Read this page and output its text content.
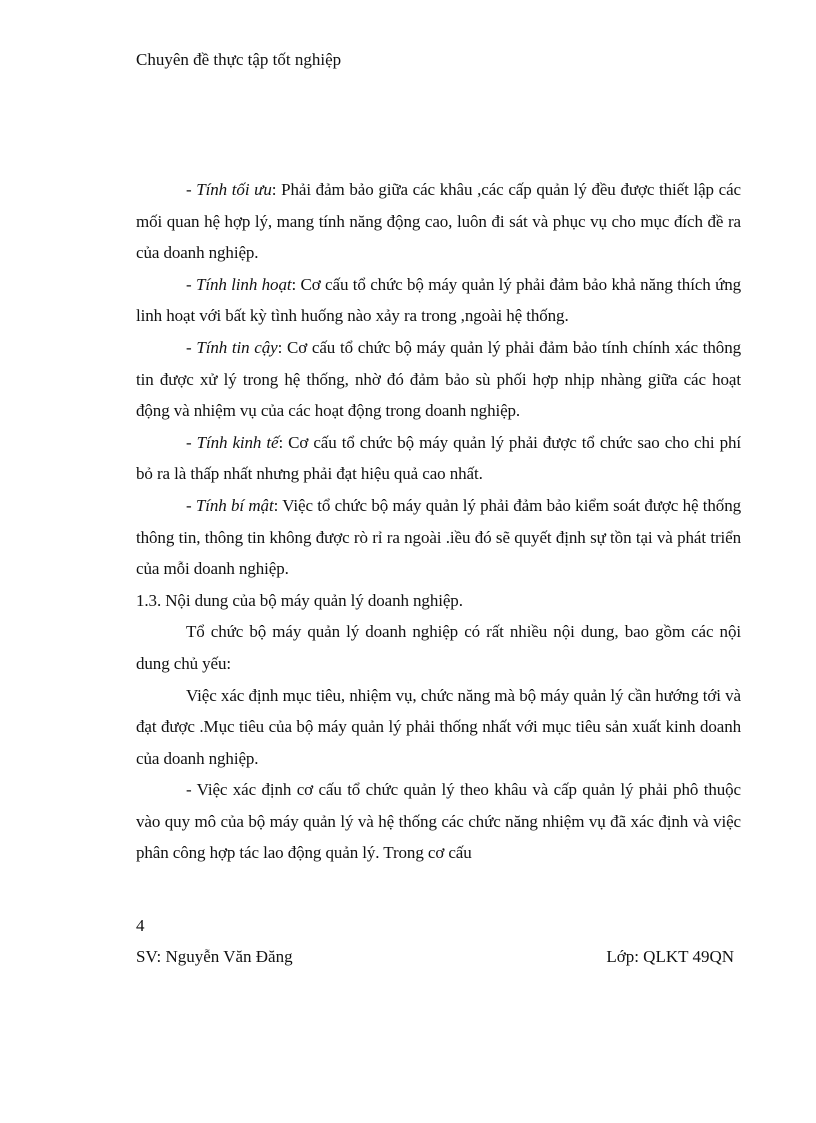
Chuyên đề thực tập tốt nghiệp

- Tính tối ưu: Phải đảm bảo giữa các khâu ,các cấp quản lý đều được thiết lập các mối quan hệ hợp lý, mang tính năng động cao, luôn đi sát và phục vụ cho mục đích đề ra của doanh nghiệp.

- Tính linh hoạt: Cơ cấu tổ chức bộ máy quản lý phải đảm bảo khả năng thích ứng linh hoạt với bất kỳ tình huống nào xảy ra trong ,ngoài hệ thống.

- Tính tin cậy: Cơ cấu tổ chức bộ máy quản lý phải đảm bảo tính chính xác thông tin được xử lý trong hệ thống, nhờ đó đảm bảo sù phối hợp nhịp nhàng giữa các hoạt động và nhiệm vụ của các hoạt động trong doanh nghiệp.

- Tính kinh tế: Cơ cấu tổ chức bộ máy quản lý phải được tổ chức sao cho chi phí bỏ ra là thấp nhất nhưng phải đạt hiệu quả cao nhất.

- Tính bí mật: Việc tổ chức bộ máy quản lý phải đảm bảo kiểm soát được hệ thống thông tin, thông tin không được rò rỉ ra ngoài .iều đó sẽ quyết định sự tồn tại và phát triển của mỗi doanh nghiệp.

1.3. Nội dung của bộ máy quản lý doanh nghiệp.

Tổ chức bộ máy quản lý doanh nghiệp có rất nhiều nội dung, bao gồm các nội dung chủ yếu:

Việc xác định mục tiêu, nhiệm vụ, chức năng mà bộ máy quản lý cần hướng tới và đạt được .Mục tiêu của bộ máy quản lý phải thống nhất với mục tiêu sản xuất kinh doanh của doanh nghiệp.

- Việc xác định cơ cấu tổ chức quản lý theo khâu và cấp quản lý phải phô thuộc vào quy mô của bộ máy quản lý và hệ thống các chức năng nhiệm vụ đã xác định và việc phân công hợp tác lao động quản lý. Trong cơ cấu

4
SV: Nguyễn Văn Đăng	Lớp: QLKT 49QN
